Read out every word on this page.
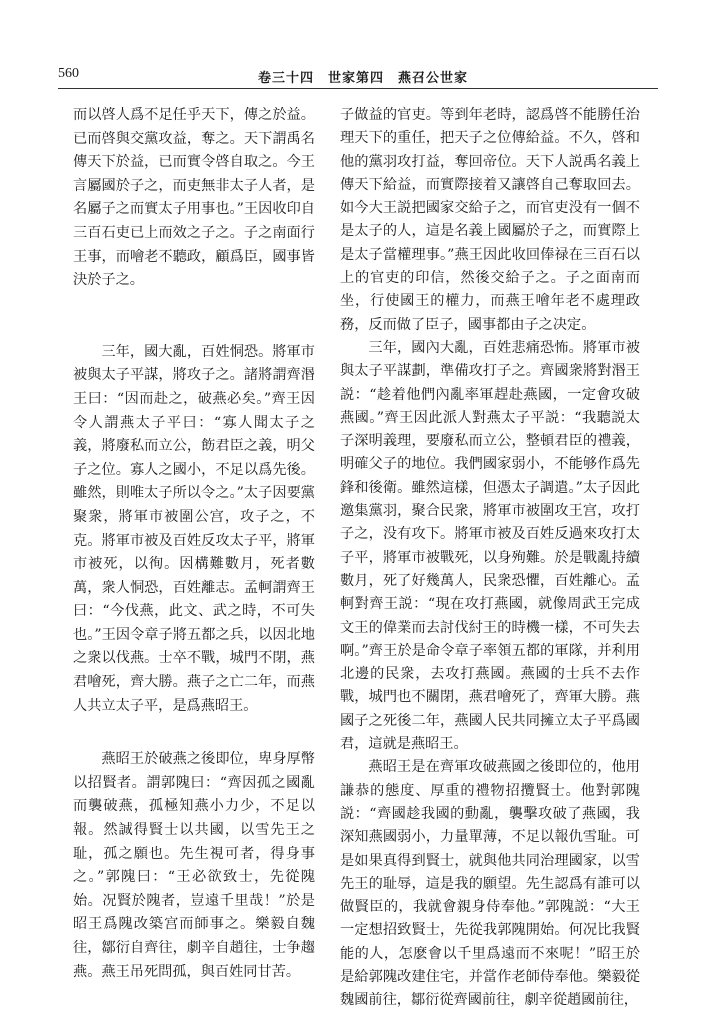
560	卷三十四　世家第四　燕召公世家

而以啓人爲不足任乎天下，傳之於益。已而啓與交黨攻益，奪之。天下謂禹名傳天下於益，已而實令啓自取之。今王言屬國於子之，而吏無非太子人者，是名屬子之而實太子用事也。”王因收印自三百石吏已上而效之子之。子之南面行王事，而噲老不聽政，顧爲臣，國事皆決於子之。

三年，國大亂，百姓恫恐。將軍市被與太子平謀，將攻子之。諸將謂齊湣王曰：“因而赴之，破燕必矣。”齊王因令人謂燕太子平曰：“寡人聞太子之義，將廢私而立公，飭君臣之義，明父子之位。寡人之國小，不足以爲先後。雖然，則唯太子所以令之。”太子因要黨聚衆，將軍市被圍公宫，攻子之，不克。將軍市被及百姓反攻太子平，將軍市被死，以徇。因構難數月，死者數萬，衆人恫恐，百姓離志。孟軻謂齊王曰：“今伐燕，此文、武之時，不可失也。”王因令章子將五都之兵，以因北地之衆以伐燕。士卒不戰，城門不閉，燕君噲死，齊大勝。燕子之亡二年，而燕人共立太子平，是爲燕昭王。

燕昭王於破燕之後即位，卑身厚幣以招賢者。謂郭隗曰：“齊因孤之國亂而襲破燕，孤極知燕小力少，不足以報。然誠得賢士以共國，以雪先王之耻，孤之願也。先生視可者，得身事之。”郭隗曰：“王必欲致士，先從隗始。况賢於隗者，豈遠千里哉！”於是昭王爲隗改築宫而師事之。樂毅自魏往，鄒衍自齊往，劇辛自趙往，士争趨燕。燕王吊死問孤，與百姓同甘苦。

子做益的官吏。等到年老時，認爲啓不能勝任治理天下的重任，把天子之位傳給益。不久，啓和他的黨羽攻打益，奪回帝位。天下人説禹名義上傳天下給益，而實際接着又讓啓自己奪取回去。如今大王説把國家交給子之，而官吏没有一個不是太子的人，這是名義上國屬於子之，而實際上是太子當權理事。”燕王因此收回俸禄在三百石以上的官吏的印信，然後交給子之。子之面南而坐，行使國王的權力，而燕王噲年老不處理政務，反而做了臣子，國事都由子之决定。

三年，國內大亂，百姓悲痛恐怖。將軍市被與太子平謀劃，準備攻打子之。齊國衆將對湣王説：“趁着他們內亂率軍趕赴燕國，一定會攻破燕國。”齊王因此派人對燕太子平説：“我聽説太子深明義理，要廢私而立公，整頓君臣的禮義，明確父子的地位。我們國家弱小，不能够作爲先鋒和後衛。雖然這樣，但憑太子調遣。”太子因此邀集黨羽，聚合民衆，將軍市被圍攻王宫，攻打子之，没有攻下。將軍市被及百姓反過來攻打太子平，將軍市被戰死，以身殉難。於是戰亂持續數月，死了好幾萬人，民衆恐懼，百姓離心。孟軻對齊王説：“現在攻打燕國，就像周武王完成文王的偉業而去討伐紂王的時機一樣，不可失去啊。”齊王於是命令章子率領五都的軍隊，并利用北邊的民衆，去攻打燕國。燕國的士兵不去作戰，城門也不關閉，燕君噲死了，齊軍大勝。燕國子之死後二年，燕國人民共同擁立太子平爲國君，這就是燕昭王。

燕昭王是在齊軍攻破燕國之後即位的，他用謙恭的態度、厚重的禮物招攬賢士。他對郭隗説：“齊國趁我國的動亂，襲擊攻破了燕國，我深知燕國弱小，力量單薄，不足以報仇雪耻。可是如果真得到賢士，就與他共同治理國家，以雪先王的耻辱，這是我的願望。先生認爲有誰可以做賢臣的，我就會親身侍奉他。”郭隗説：“大王一定想招致賢士，先從我郭隗開始。何况比我賢能的人，怎麽會以千里爲遠而不來呢！”昭王於是給郭隗改建住宅，并當作老師侍奉他。樂毅從魏國前往，鄒衍從齊國前往，劇辛從趙國前往，
